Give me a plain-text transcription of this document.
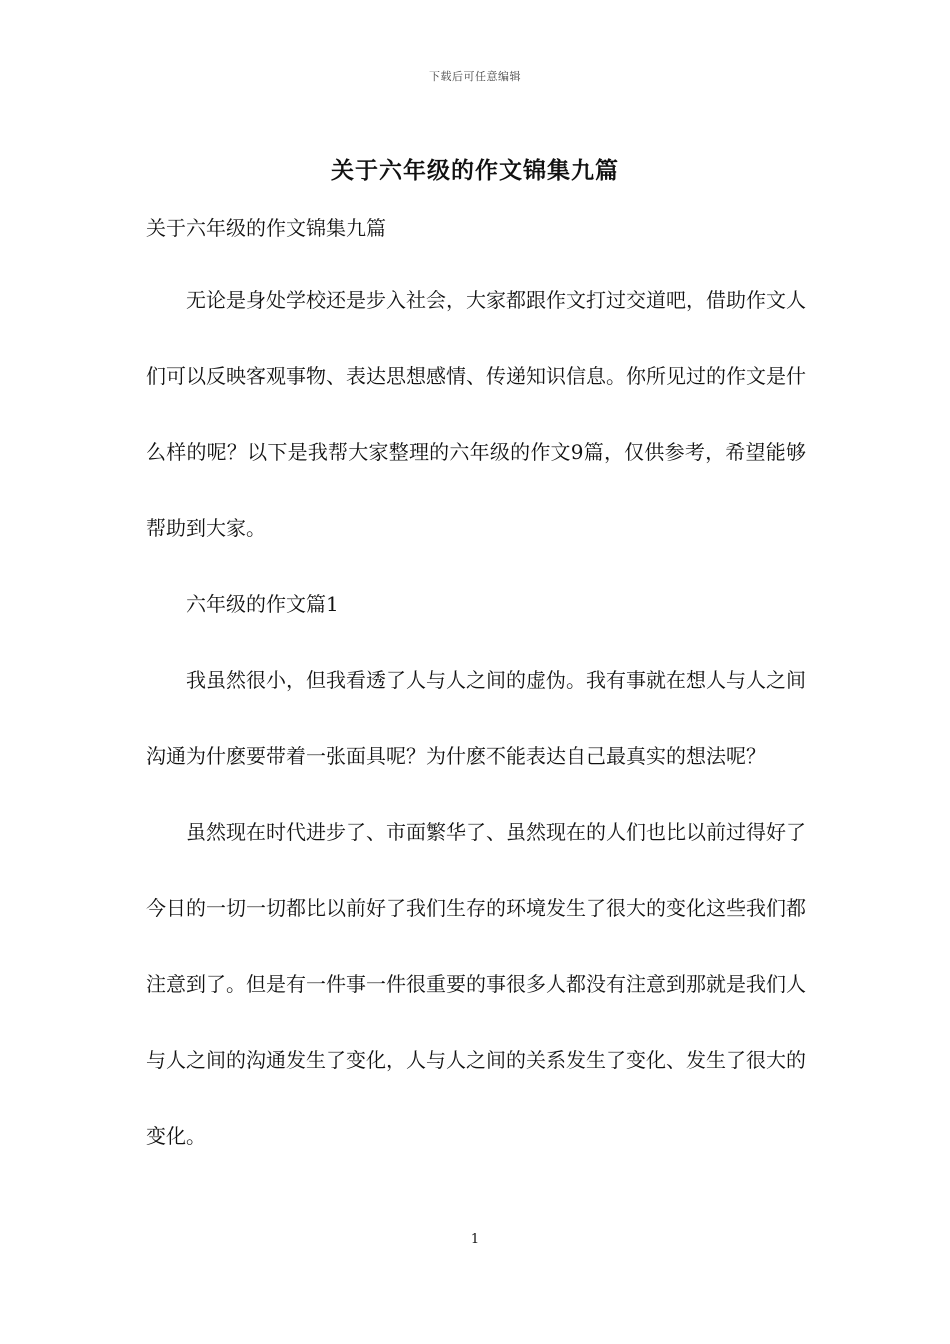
下载后可任意编辑
关于六年级的作文锦集九篇
关于六年级的作文锦集九篇

无论是身处学校还是步入社会，大家都跟作文打过交道吧，借助作文人们可以反映客观事物、表达思想感情、传递知识信息。你所见过的作文是什么样的呢？以下是我帮大家整理的六年级的作文9篇，仅供参考，希望能够帮助到大家。

六年级的作文篇1

我虽然很小，但我看透了人与人之间的虚伪。我有事就在想人与人之间沟通为什麽要带着一张面具呢？为什麽不能表达自己最真实的想法呢？

虽然现在时代进步了、市面繁华了、虽然现在的人们也比以前过得好了今日的一切一切都比以前好了我们生存的环境发生了很大的变化这些我们都注意到了。但是有一件事一件很重要的事很多人都没有注意到那就是我们人与人之间的沟通发生了变化，人与人之间的关系发生了变化、发生了很大的变化。

1
